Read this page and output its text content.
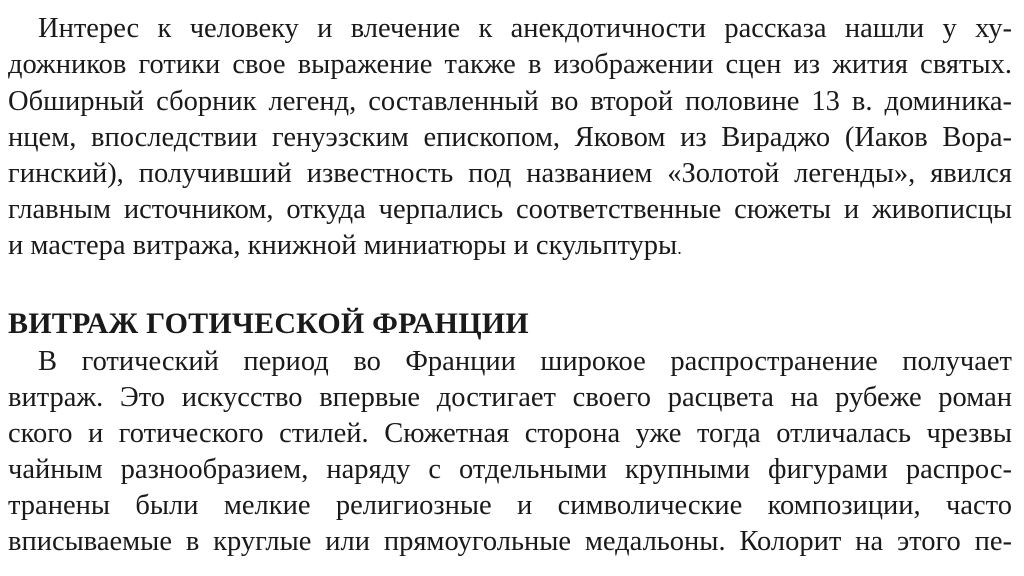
Интерес к человеку и влечение к анекдотичности рассказа нашли у ху-
дожников готики свое выражение также в изображении сцен из жития святых.
Обширный сборник легенд, составленный во второй половине 13 в. доминика-
нцем, впоследствии генуэзским епископом, Яковом из Вираджо (Иаков Вора-
гинский), получивший известность под названием «Золотой легенды», явился
главным источником, откуда черпались соответственные сюжеты и живописцы
и мастера витража, книжной миниатюры и скульптуры.
ВИТРАЖ ГОТИЧЕСКОЙ ФРАНЦИИ
В готический период во Франции широкое распространение получает
витраж. Это искусство впервые достигает своего расцвета на рубеже роман
ского и готического стилей. Сюжетная сторона уже тогда отличалась чрезвы
чайным разнообразием, наряду с отдельными крупными фигурами распрос-
транены были мелкие религиозные и символические композиции, часто
вписываемые в круглые или прямоугольные медальоны. Колорит на этого пе-
